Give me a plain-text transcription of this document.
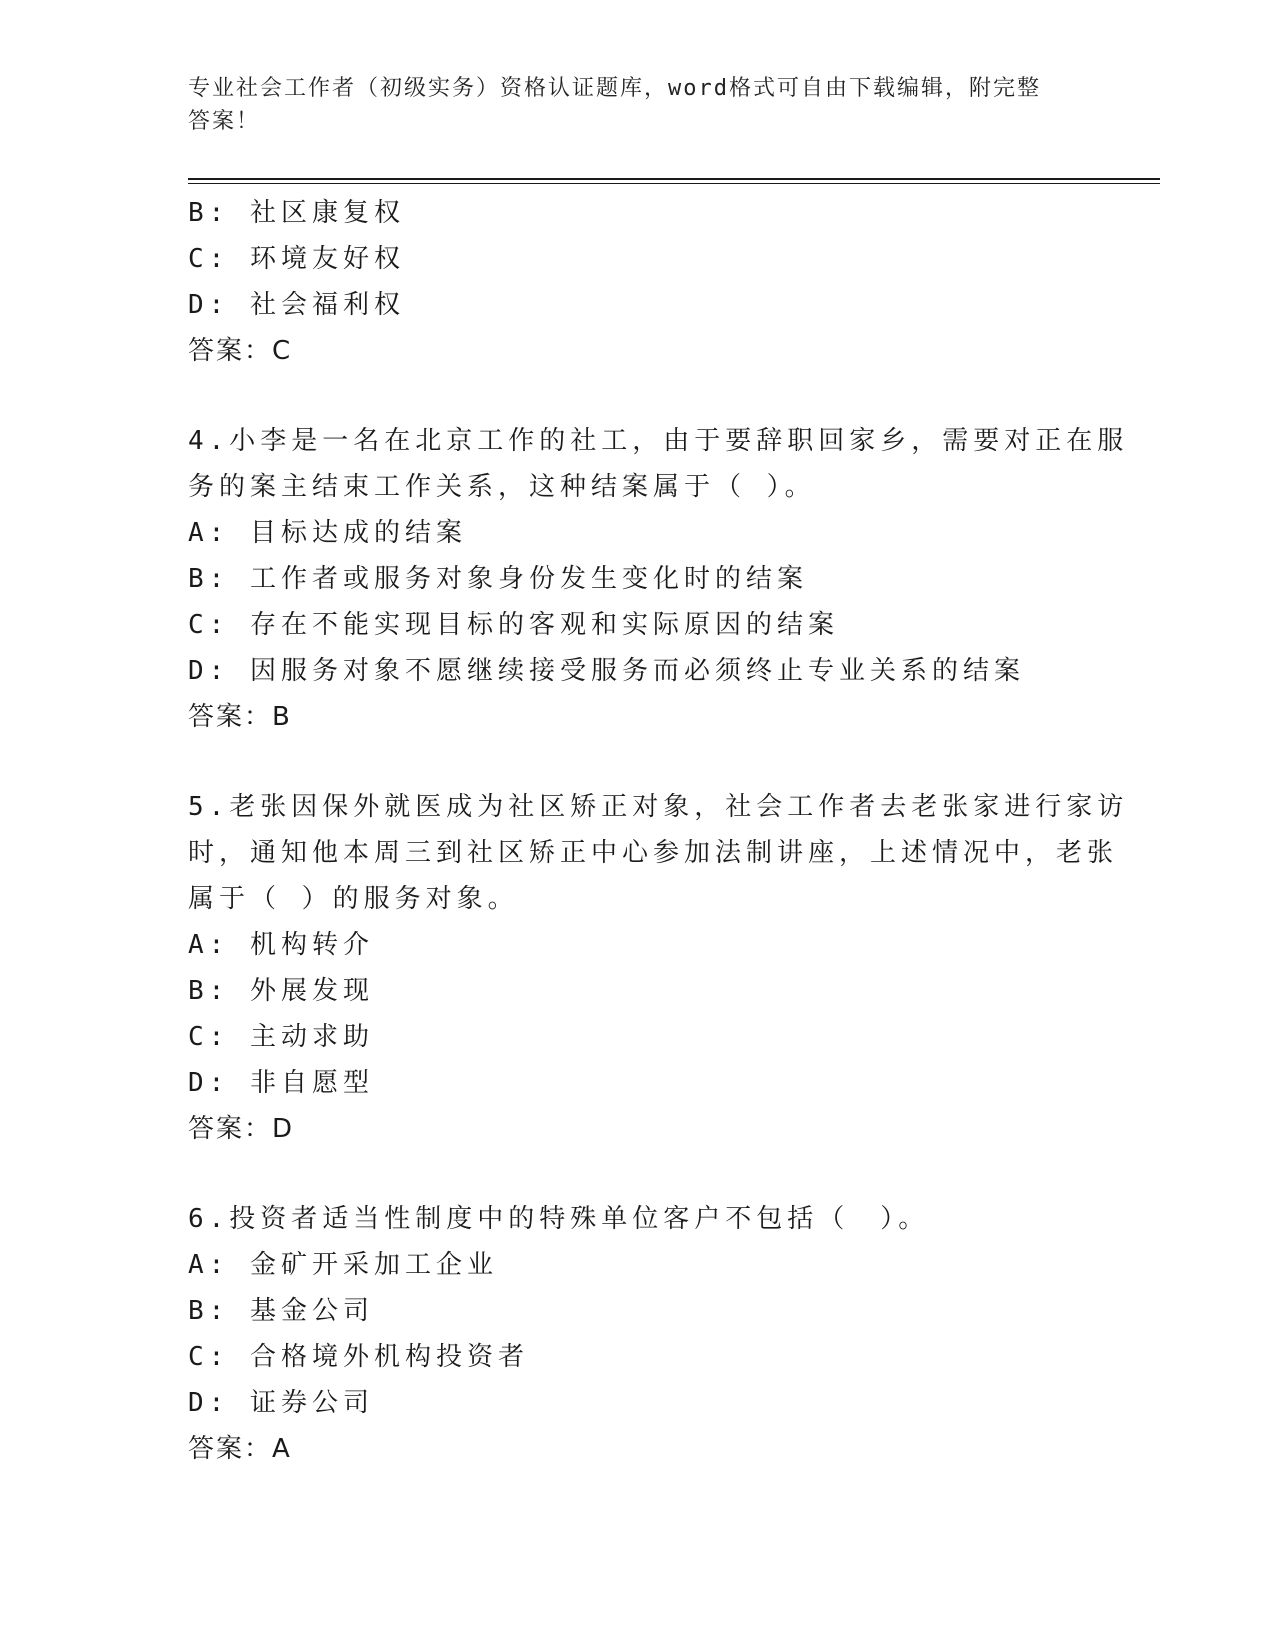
专业社会工作者（初级实务）资格认证题库，word格式可自由下载编辑，附完整
答案！
B: 社区康复权
C: 环境友好权
D: 社会福利权
答案：C
4.小李是一名在北京工作的社工，由于要辞职回家乡，需要对正在服
务的案主结束工作关系，这种结案属于（ ）。
A: 目标达成的结案
B: 工作者或服务对象身份发生变化时的结案
C: 存在不能实现目标的客观和实际原因的结案
D: 因服务对象不愿继续接受服务而必须终止专业关系的结案
答案：B
5.老张因保外就医成为社区矫正对象，社会工作者去老张家进行家访
时，通知他本周三到社区矫正中心参加法制讲座，上述情况中，老张
属于（ ）的服务对象。
A: 机构转介
B: 外展发现
C: 主动求助
D: 非自愿型
答案：D
6.投资者适当性制度中的特殊单位客户不包括（　）。
A: 金矿开采加工企业
B: 基金公司
C: 合格境外机构投资者
D: 证券公司
答案：A
